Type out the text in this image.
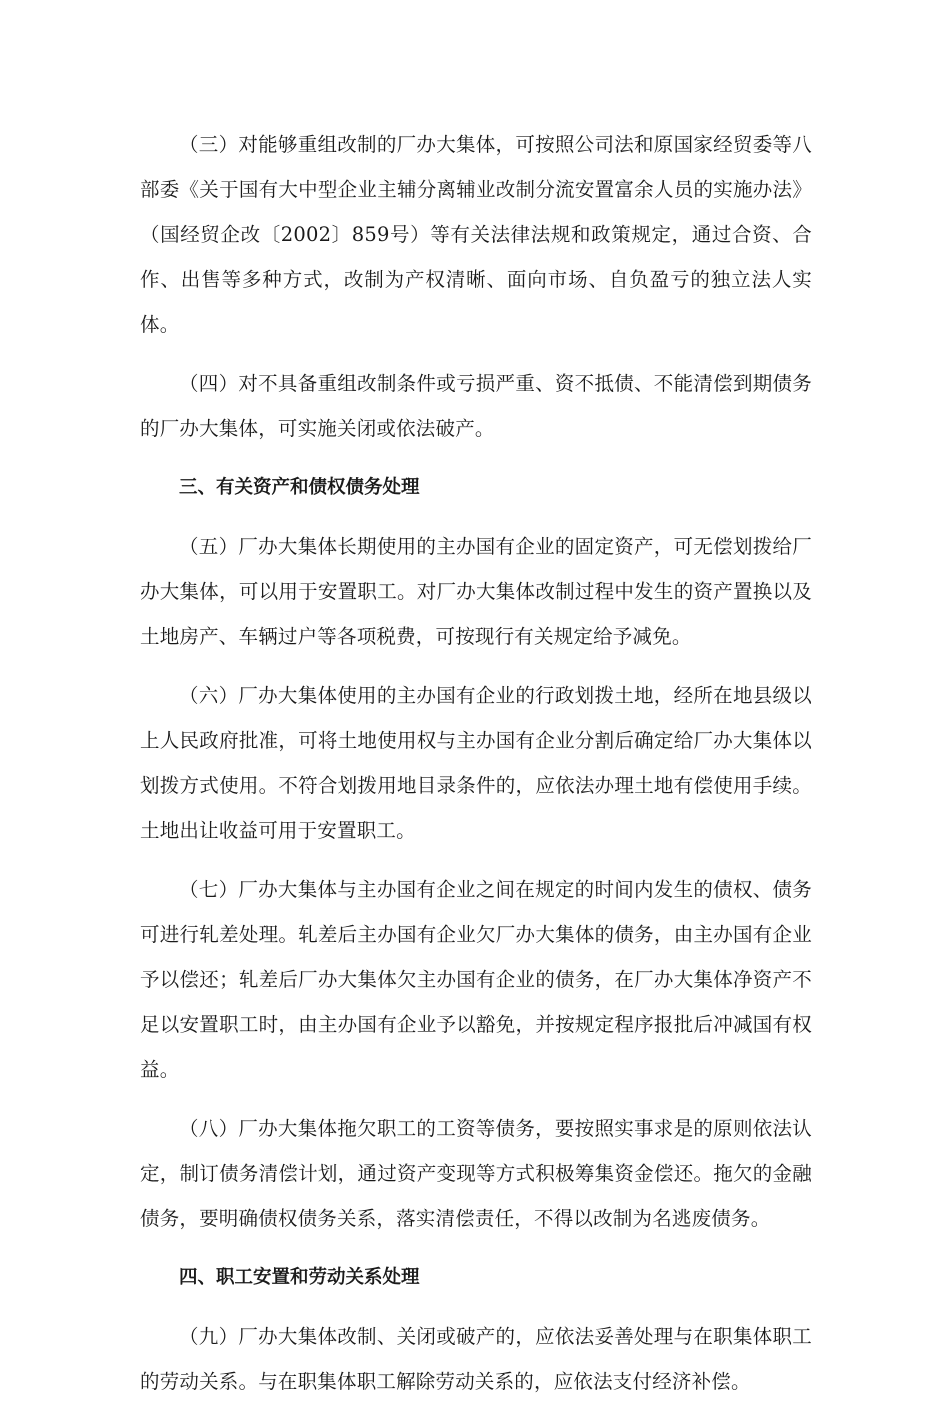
（三）对能够重组改制的厂办大集体，可按照公司法和原国家经贸委等八部委《关于国有大中型企业主辅分离辅业改制分流安置富余人员的实施办法》（国经贸企改〔2002〕859号）等有关法律法规和政策规定，通过合资、合作、出售等多种方式，改制为产权清晰、面向市场、自负盈亏的独立法人实体。

（四）对不具备重组改制条件或亏损严重、资不抵债、不能清偿到期债务的厂办大集体，可实施关闭或依法破产。

三、有关资产和债权债务处理

（五）厂办大集体长期使用的主办国有企业的固定资产，可无偿划拨给厂办大集体，可以用于安置职工。对厂办大集体改制过程中发生的资产置换以及土地房产、车辆过户等各项税费，可按现行有关规定给予减免。

（六）厂办大集体使用的主办国有企业的行政划拨土地，经所在地县级以上人民政府批准，可将土地使用权与主办国有企业分割后确定给厂办大集体以划拨方式使用。不符合划拨用地目录条件的，应依法办理土地有偿使用手续。土地出让收益可用于安置职工。

（七）厂办大集体与主办国有企业之间在规定的时间内发生的债权、债务可进行轧差处理。轧差后主办国有企业欠厂办大集体的债务，由主办国有企业予以偿还；轧差后厂办大集体欠主办国有企业的债务，在厂办大集体净资产不足以安置职工时，由主办国有企业予以豁免，并按规定程序报批后冲减国有权益。

（八）厂办大集体拖欠职工的工资等债务，要按照实事求是的原则依法认定，制订债务清偿计划，通过资产变现等方式积极筹集资金偿还。拖欠的金融债务，要明确债权债务关系，落实清偿责任，不得以改制为名逃废债务。

四、职工安置和劳动关系处理

（九）厂办大集体改制、关闭或破产的，应依法妥善处理与在职集体职工的劳动关系。与在职集体职工解除劳动关系的，应依法支付经济补偿。
